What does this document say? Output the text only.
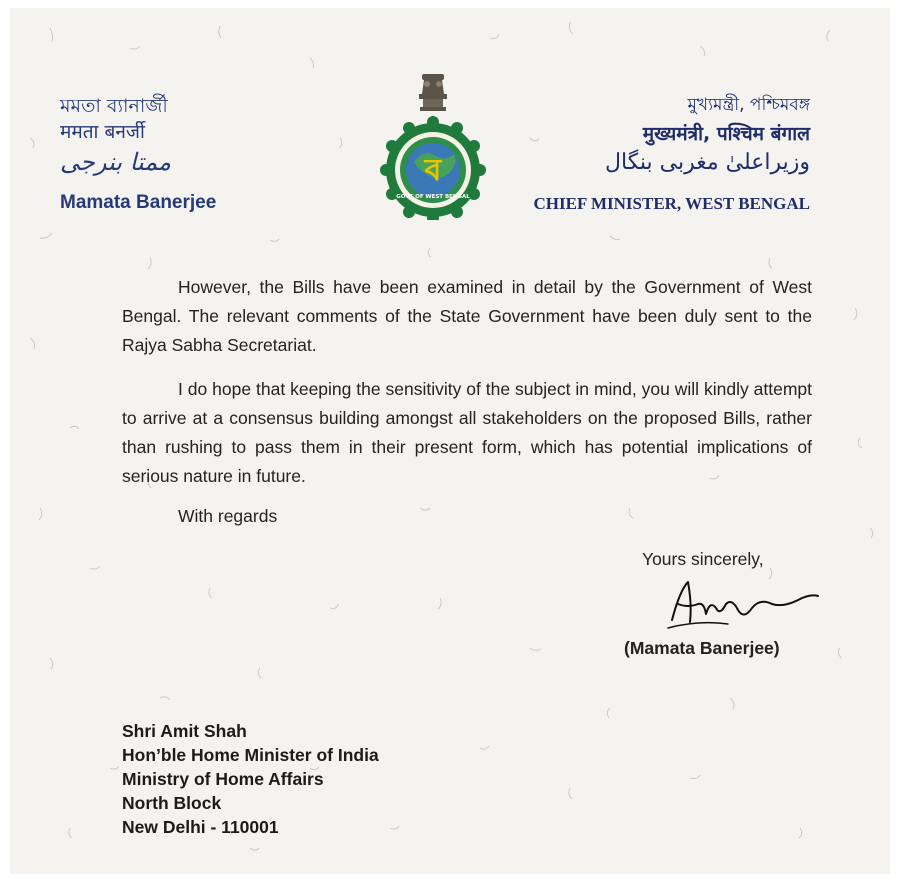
মমতা ব্যানার্জী
ममता बनर्जी
ممتا بنرجی
Mamata Banerjee
ব
GOVT OF WEST BENGAL
মুখ্যমন্ত্রী, পশ্চিমবঙ্গ
मुख्यमंत्री, पश्चिम बंगाल
وزیراعلیٰ مغربی بنگال
CHIEF MINISTER, WEST BENGAL
However, the Bills have been examined in detail by the Government of West Bengal. The relevant comments of the State Government have been duly sent to the Rajya Sabha Secretariat.
I do hope that keeping the sensitivity of the subject in mind, you will kindly attempt to arrive at a consensus building amongst all stakeholders on the proposed Bills, rather than rushing to pass them in their present form, which has potential implications of serious nature in future.
With regards
Yours sincerely,
(Mamata Banerjee)
Shri Amit Shah
Hon’ble Home Minister of India
Ministry of Home Affairs
North Block
New Delhi - 110001
